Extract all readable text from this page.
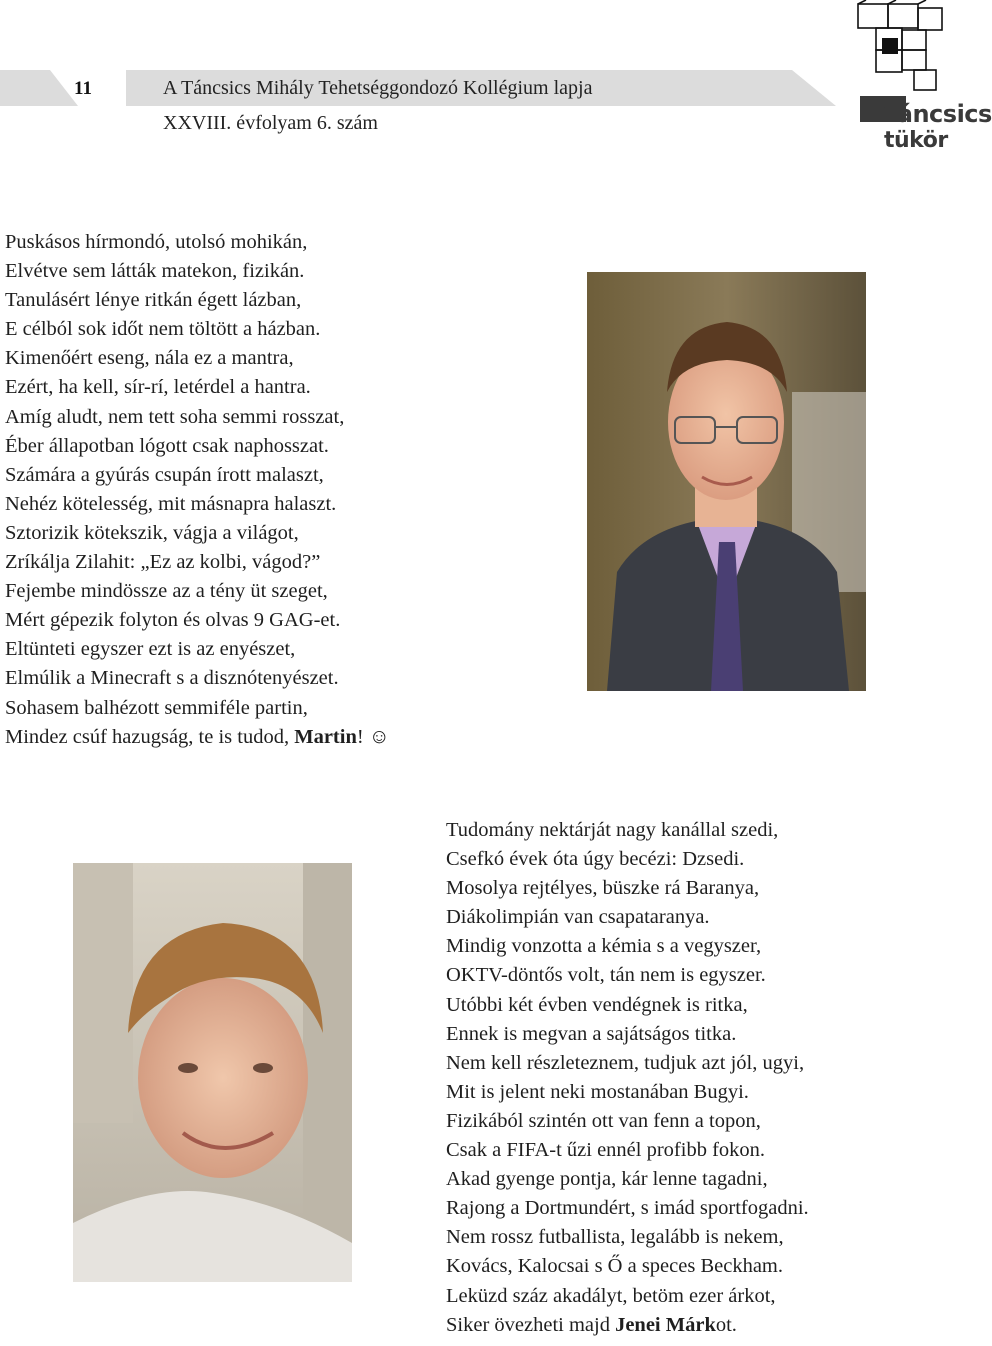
11	A Táncsics Mihály Tehetséggondozó Kollégium lapja
XXVIII. évfolyam 6. szám	Táncsics
tükör
Puskásos hírmondó, utolsó mohikán,
Elvétve sem látták matekon, fizikán.
Tanulásért lénye ritkán égett lázban,
E célból sok időt nem töltött a házban.
Kimenőért eseng, nála ez a mantra,
Ezért, ha kell, sír-rí, letérdel a hantra.
Amíg aludt, nem tett soha semmi rosszat,
Éber állapotban lógott csak naphosszat.
Számára a gyúrás csupán írott malaszt,
Nehéz kötelesség, mit másnapra halaszt.
Sztorizik kötekszik, vágja a világot,
Zríkálja Zilahit: „Ez az kolbi, vágod?”
Fejembe mindössze az a tény üt szeget,
Mért gépezik folyton és olvas 9 GAG-et.
Eltünteti egyszer ezt is az enyészet,
Elmúlik a Minecraft s a disznótenyészet.
Sohasem balhézott semmiféle partin,
Mindez csúf hazugság, te is tudod, Martin! ☺
Tudomány nektárját nagy kanállal szedi,
Csefkó évek óta úgy becézi: Dzsedi.
Mosolya rejtélyes, büszke rá Baranya,
Diákolimpián van csapataranya.
Mindig vonzotta a kémia s a vegyszer,
OKTV-döntős volt, tán nem is egyszer.
Utóbbi két évben vendégnek is ritka,
Ennek is megvan a sajátságos titka.
Nem kell részleteznem, tudjuk azt jól, ugyi,
Mit is jelent neki mostanában Bugyi.
Fizikából szintén ott van fenn a topon,
Csak a FIFA-t űzi ennél profibb fokon.
Akad gyenge pontja, kár lenne tagadni,
Rajong a Dortmundért, s imád sportfogadni.
Nem rossz futballista, legalább is nekem,
Kovács, Kalocsai s Ő a speces Beckham.
Leküzd száz akadályt, betöm ezer árkot,
Siker övezheti majd Jenei Márkot.
